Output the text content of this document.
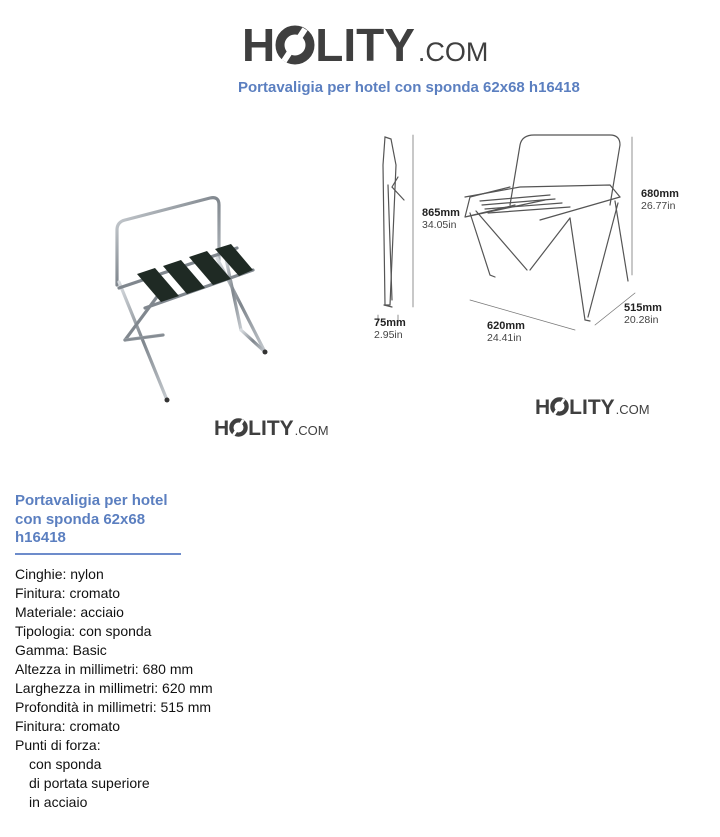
H LITY .COM
Portavaligia per hotel con sponda 62x68 h16418
H LITY .COM
865mm
34.05in
680mm
26.77in
75mm
2.95in
620mm
24.41in
515mm
20.28in
H LITY .COM
Portavaligia per hotel con sponda 62x68 h16418
Cinghie: nylon
Finitura: cromato
Materiale: acciaio
Tipologia: con sponda
Gamma: Basic
Altezza in millimetri: 680 mm
Larghezza in millimetri: 620 mm
Profondità in millimetri: 515 mm
Finitura: cromato
Punti di forza:
con sponda
di portata superiore
in acciaio
